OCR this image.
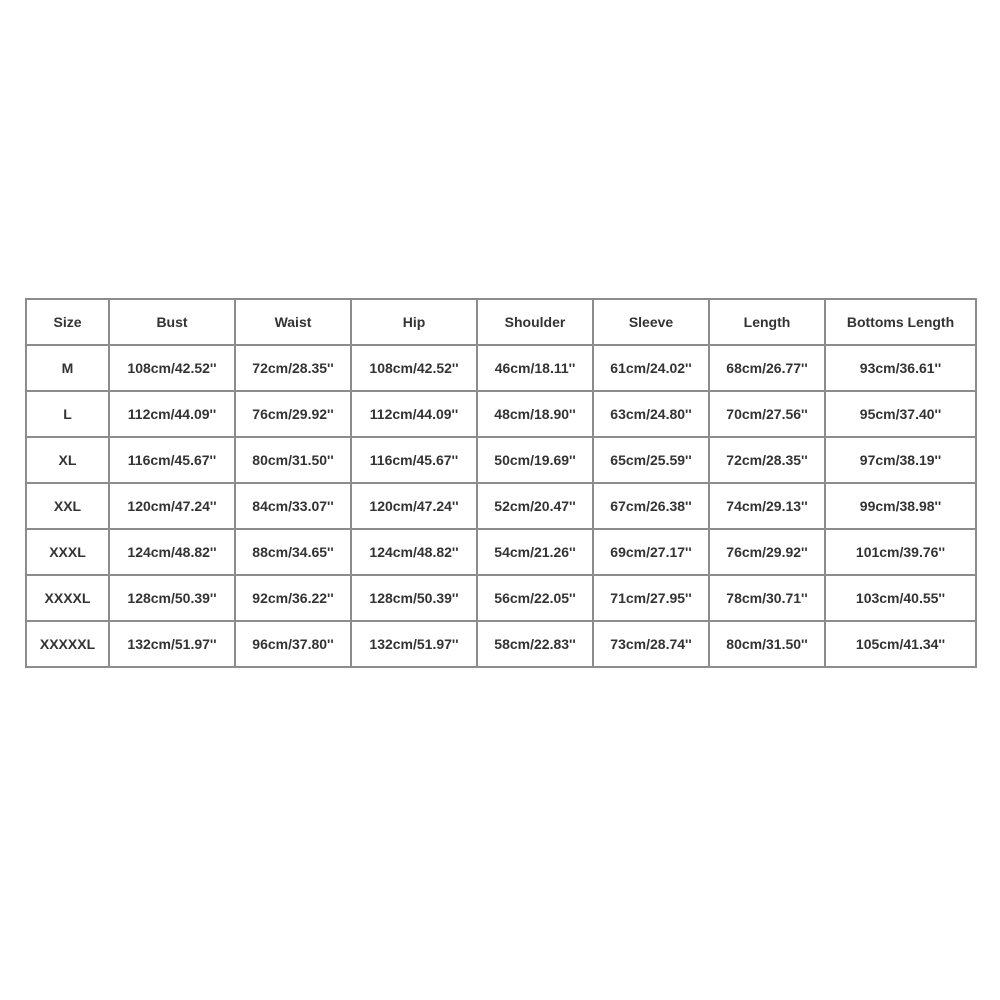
Size	Bust	Waist	Hip	Shoulder	Sleeve	Length	Bottoms Length
M	108cm/42.52''	72cm/28.35''	108cm/42.52''	46cm/18.11''	61cm/24.02''	68cm/26.77''	93cm/36.61''
L	112cm/44.09''	76cm/29.92''	112cm/44.09''	48cm/18.90''	63cm/24.80''	70cm/27.56''	95cm/37.40''
XL	116cm/45.67''	80cm/31.50''	116cm/45.67''	50cm/19.69''	65cm/25.59''	72cm/28.35''	97cm/38.19''
XXL	120cm/47.24''	84cm/33.07''	120cm/47.24''	52cm/20.47''	67cm/26.38''	74cm/29.13''	99cm/38.98''
XXXL	124cm/48.82''	88cm/34.65''	124cm/48.82''	54cm/21.26''	69cm/27.17''	76cm/29.92''	101cm/39.76''
XXXXL	128cm/50.39''	92cm/36.22''	128cm/50.39''	56cm/22.05''	71cm/27.95''	78cm/30.71''	103cm/40.55''
XXXXXL	132cm/51.97''	96cm/37.80''	132cm/51.97''	58cm/22.83''	73cm/28.74''	80cm/31.50''	105cm/41.34''
